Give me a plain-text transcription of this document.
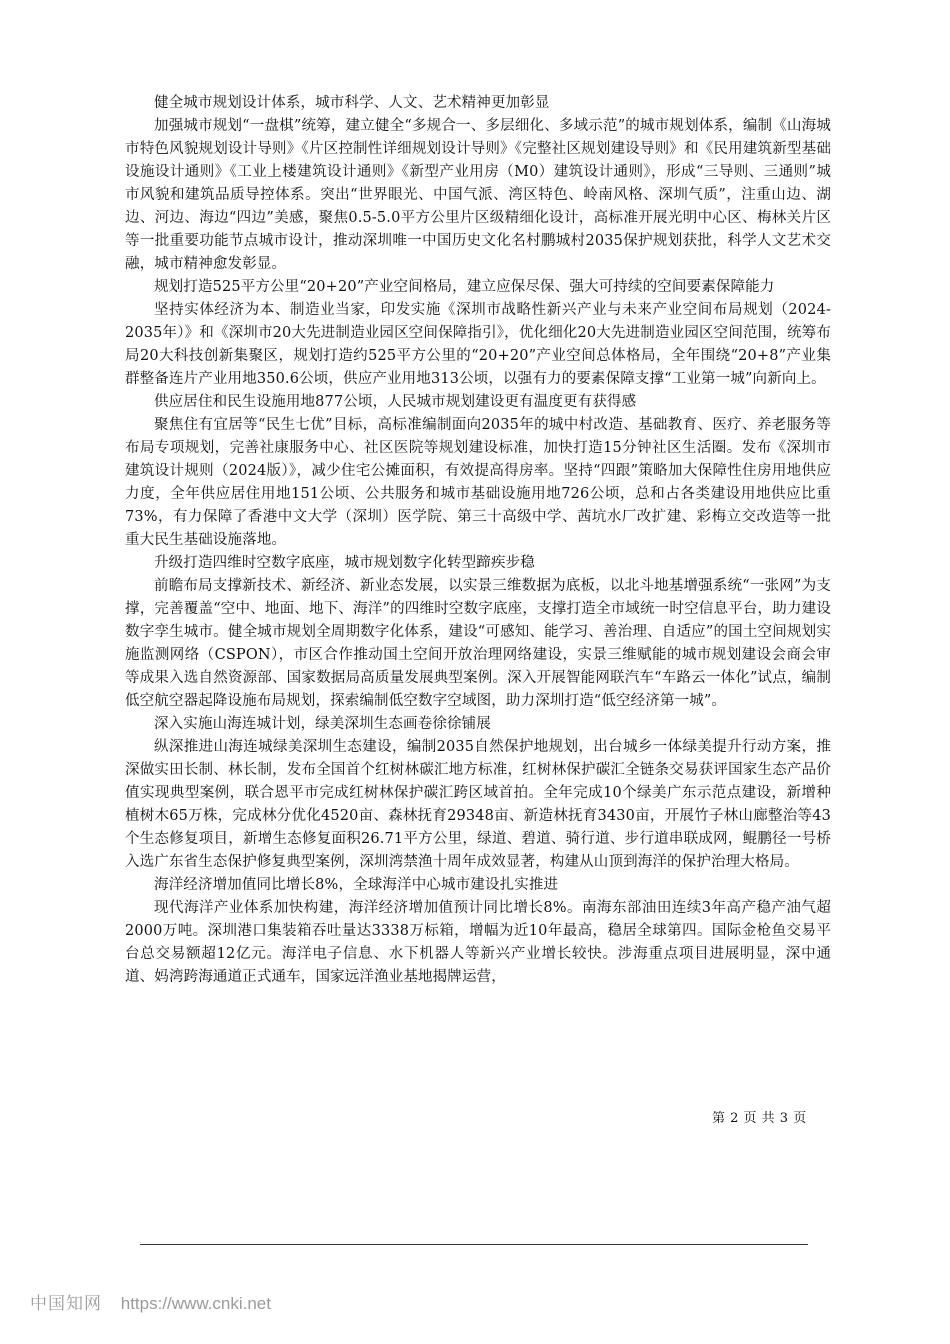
健全城市规划设计体系，城市科学、人文、艺术精神更加彰显

加强城市规划“一盘棋”统筹，建立健全“多规合一、多层细化、多域示范”的城市规划体系，编制《山海城市特色风貌规划设计导则》《片区控制性详细规划设计导则》《完整社区规划建设导则》和《民用建筑新型基础设施设计通则》《工业上楼建筑设计通则》《新型产业用房（M0）建筑设计通则》，形成“三导则、三通则”城市风貌和建筑品质导控体系。突出“世界眼光、中国气派、湾区特色、岭南风格、深圳气质”，注重山边、湖边、河边、海边“四边”美感，聚焦0.5-5.0平方公里片区级精细化设计，高标准开展光明中心区、梅林关片区等一批重要功能节点城市设计，推动深圳唯一中国历史文化名村鹏城村2035保护规划获批，科学人文艺术交融，城市精神愈发彰显。

规划打造525平方公里“20+20”产业空间格局，建立应保尽保、强大可持续的空间要素保障能力

坚持实体经济为本、制造业当家，印发实施《深圳市战略性新兴产业与未来产业空间布局规划（2024-2035年）》和《深圳市20大先进制造业园区空间保障指引》，优化细化20大先进制造业园区空间范围，统筹布局20大科技创新集聚区，规划打造约525平方公里的“20+20”产业空间总体格局，全年围绕“20+8”产业集群整备连片产业用地350.6公顷，供应产业用地313公顷，以强有力的要素保障支撑“工业第一城”向新向上。

供应居住和民生设施用地877公顷，人民城市规划建设更有温度更有获得感

聚焦住有宜居等“民生七优”目标，高标准编制面向2035年的城中村改造、基础教育、医疗、养老服务等布局专项规划，完善社康服务中心、社区医院等规划建设标准，加快打造15分钟社区生活圈。发布《深圳市建筑设计规则（2024版）》，减少住宅公摊面积，有效提高得房率。坚持“四跟”策略加大保障性住房用地供应力度，全年供应居住用地151公顷、公共服务和城市基础设施用地726公顷，总和占各类建设用地供应比重73%，有力保障了香港中文大学（深圳）医学院、第三十高级中学、茜坑水厂改扩建、彩梅立交改造等一批重大民生基础设施落地。

升级打造四维时空数字底座，城市规划数字化转型蹄疾步稳

前瞻布局支撑新技术、新经济、新业态发展，以实景三维数据为底板，以北斗地基增强系统“一张网”为支撑，完善覆盖“空中、地面、地下、海洋”的四维时空数字底座，支撑打造全市域统一时空信息平台，助力建设数字孪生城市。健全城市规划全周期数字化体系，建设“可感知、能学习、善治理、自适应”的国土空间规划实施监测网络（CSPON），市区合作推动国土空间开放治理网络建设，实景三维赋能的城市规划建设会商会审等成果入选自然资源部、国家数据局高质量发展典型案例。深入开展智能网联汽车“车路云一体化”试点，编制低空航空器起降设施布局规划，探索编制低空数字空域图，助力深圳打造“低空经济第一城”。

深入实施山海连城计划，绿美深圳生态画卷徐徐铺展

纵深推进山海连城绿美深圳生态建设，编制2035自然保护地规划，出台城乡一体绿美提升行动方案，推深做实田长制、林长制，发布全国首个红树林碳汇地方标准，红树林保护碳汇全链条交易获评国家生态产品价值实现典型案例，联合恩平市完成红树林保护碳汇跨区域首拍。全年完成10个绿美广东示范点建设，新增种植树木65万株，完成林分优化4520亩、森林抚育29348亩、新造林抚育3430亩，开展竹子林山廊整治等43个生态修复项目，新增生态修复面积26.71平方公里，绿道、碧道、骑行道、步行道串联成网，鲲鹏径一号桥入选广东省生态保护修复典型案例，深圳湾禁渔十周年成效显著，构建从山顶到海洋的保护治理大格局。

海洋经济增加值同比增长8%，全球海洋中心城市建设扎实推进

现代海洋产业体系加快构建，海洋经济增加值预计同比增长8%。南海东部油田连续3年高产稳产油气超2000万吨。深圳港口集装箱吞吐量达3338万标箱，增幅为近10年最高，稳居全球第四。国际金枪鱼交易平台总交易额超12亿元。海洋电子信息、水下机器人等新兴产业增长较快。涉海重点项目进展明显，深中通道、妈湾跨海通道正式通车，国家远洋渔业基地揭牌运营，

第 2 页 共 3 页
中国知网 https://www.cnki.net
